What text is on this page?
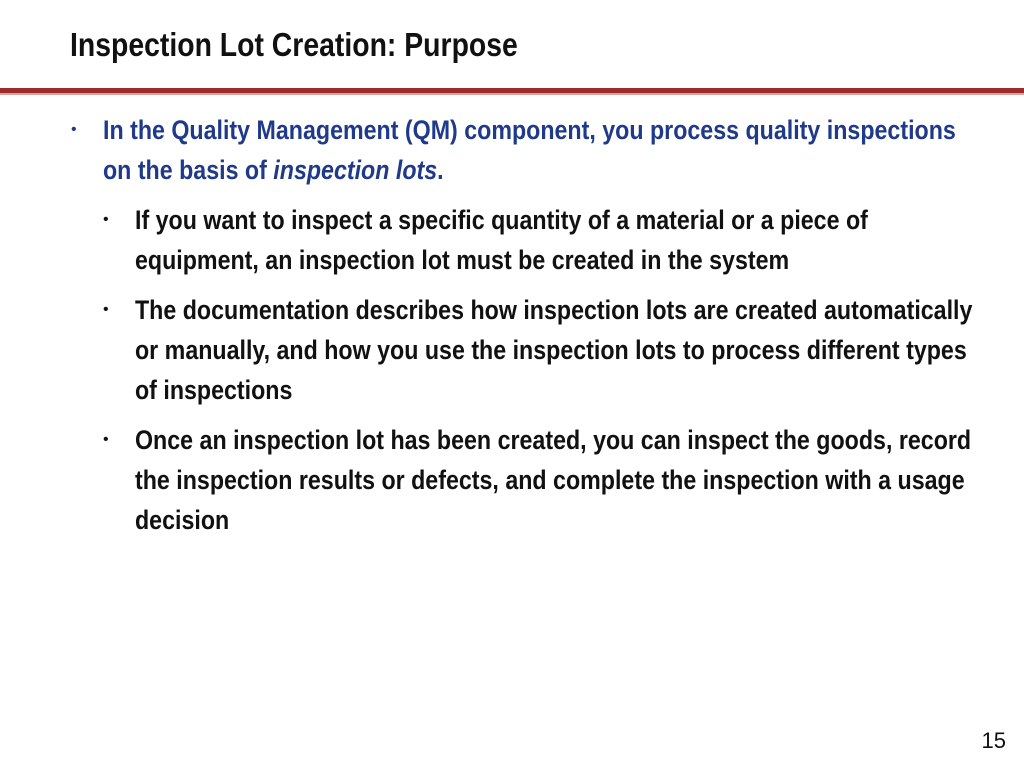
Inspection Lot Creation: Purpose
• In the Quality Management (QM) component, you process quality inspections on the basis of inspection lots.
• If you want to inspect a specific quantity of a material or a piece of equipment, an inspection lot must be created in the system
• The documentation describes how inspection lots are created automatically or manually, and how you use the inspection lots to process different types of inspections
• Once an inspection lot has been created, you can inspect the goods, record the inspection results or defects, and complete the inspection with a usage decision
15
